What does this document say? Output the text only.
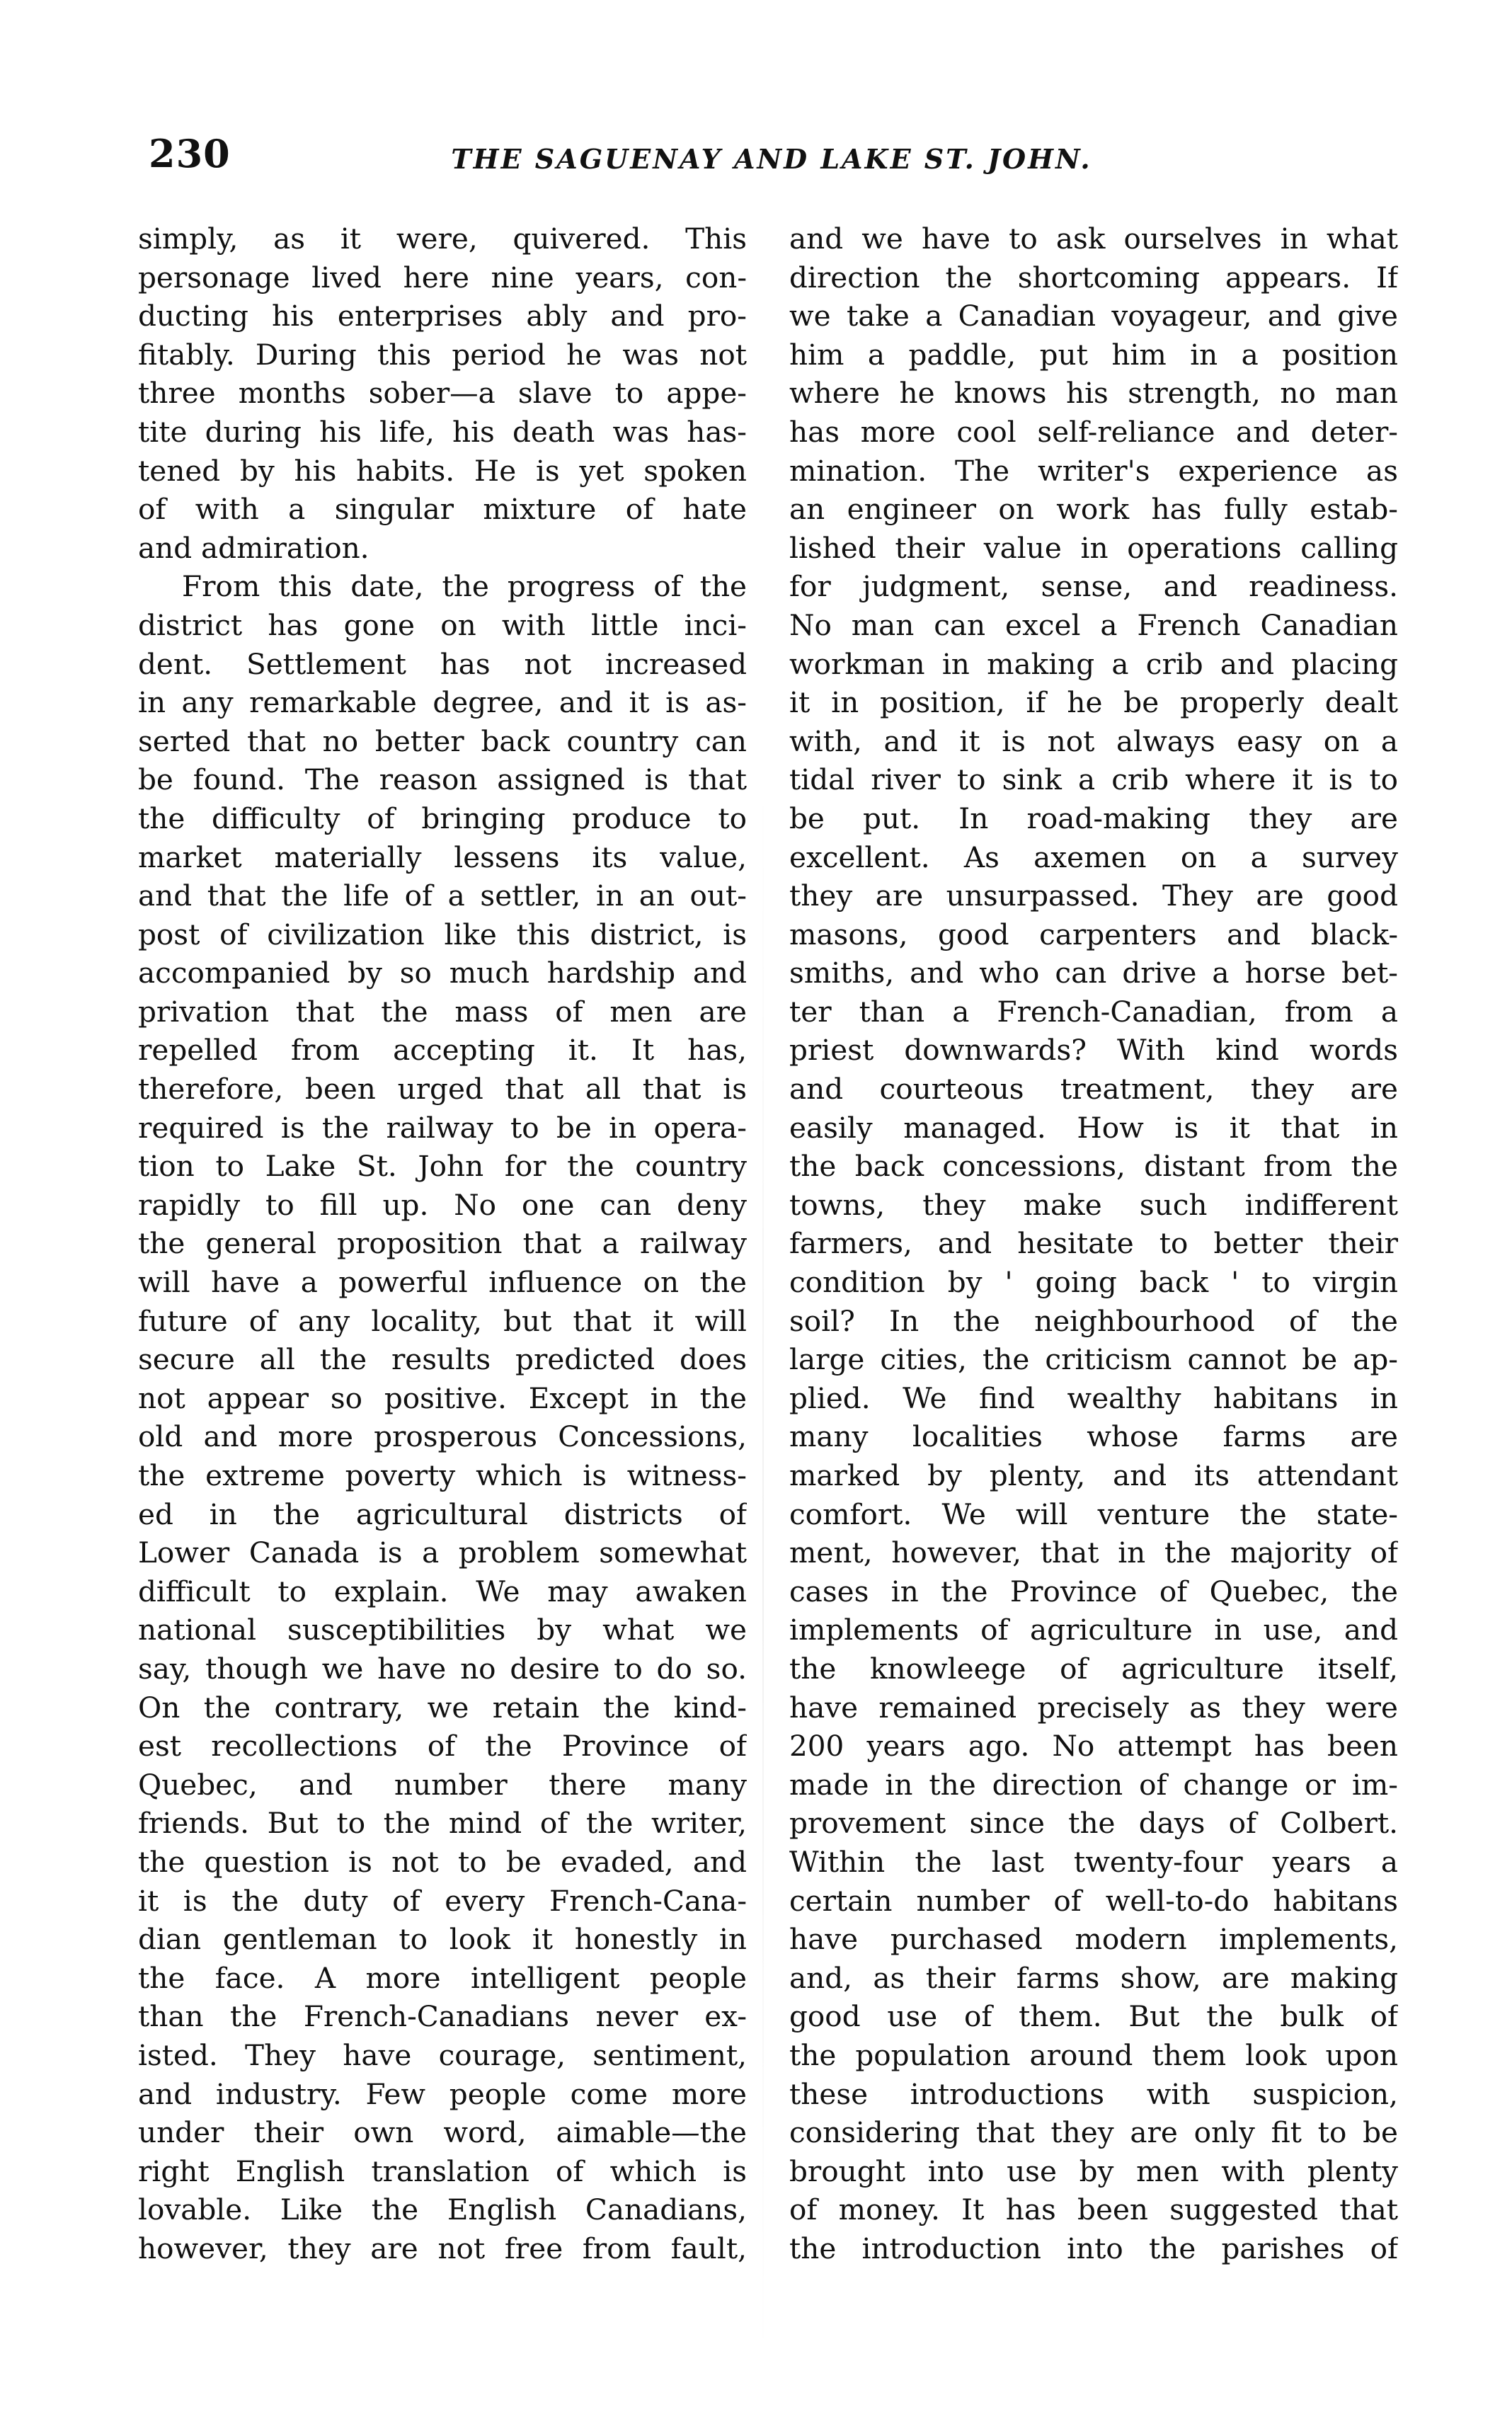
230	THE SAGUENAY AND LAKE ST. JOHN.
simply, as it were, quivered. This
personage lived here nine years, con-
ducting his enterprises ably and pro-
fitably. During this period he was not
three months sober—a slave to appe-
tite during his life, his death was has-
tened by his habits. He is yet spoken
of with a singular mixture of hate
and admiration.
From this date, the progress of the
district has gone on with little inci-
dent. Settlement has not increased
in any remarkable degree, and it is as-
serted that no better back country can
be found. The reason assigned is that
the difficulty of bringing produce to
market materially lessens its value,
and that the life of a settler, in an out-
post of civilization like this district, is
accompanied by so much hardship and
privation that the mass of men are
repelled from accepting it. It has,
therefore, been urged that all that is
required is the railway to be in opera-
tion to Lake St. John for the country
rapidly to fill up. No one can deny
the general proposition that a railway
will have a powerful influence on the
future of any locality, but that it will
secure all the results predicted does
not appear so positive. Except in the
old and more prosperous Concessions,
the extreme poverty which is witness-
ed in the agricultural districts of
Lower Canada is a problem somewhat
difficult to explain. We may awaken
national susceptibilities by what we
say, though we have no desire to do so.
On the contrary, we retain the kind-
est recollections of the Province of
Quebec, and number there many
friends. But to the mind of the writer,
the question is not to be evaded, and
it is the duty of every French-Cana-
dian gentleman to look it honestly in
the face. A more intelligent people
than the French-Canadians never ex-
isted. They have courage, sentiment,
and industry. Few people come more
under their own word, aimable—the
right English translation of which is
lovable. Like the English Canadians,
however, they are not free from fault,
and we have to ask ourselves in what
direction the shortcoming appears. If
we take a Canadian voyageur, and give
him a paddle, put him in a position
where he knows his strength, no man
has more cool self-reliance and deter-
mination. The writer's experience as
an engineer on work has fully estab-
lished their value in operations calling
for judgment, sense, and readiness.
No man can excel a French Canadian
workman in making a crib and placing
it in position, if he be properly dealt
with, and it is not always easy on a
tidal river to sink a crib where it is to
be put. In road-making they are
excellent. As axemen on a survey
they are unsurpassed. They are good
masons, good carpenters and black-
smiths, and who can drive a horse bet-
ter than a French-Canadian, from a
priest downwards? With kind words
and courteous treatment, they are
easily managed. How is it that in
the back concessions, distant from the
towns, they make such indifferent
farmers, and hesitate to better their
condition by ' going back ' to virgin
soil? In the neighbourhood of the
large cities, the criticism cannot be ap-
plied. We find wealthy habitans in
many localities whose farms are
marked by plenty, and its attendant
comfort. We will venture the state-
ment, however, that in the majority of
cases in the Province of Quebec, the
implements of agriculture in use, and
the knowleege of agriculture itself,
have remained precisely as they were
200 years ago. No attempt has been
made in the direction of change or im-
provement since the days of Colbert.
Within the last twenty-four years a
certain number of well-to-do habitans
have purchased modern implements,
and, as their farms show, are making
good use of them. But the bulk of
the population around them look upon
these introductions with suspicion,
considering that they are only fit to be
brought into use by men with plenty
of money. It has been suggested that
the introduction into the parishes of
